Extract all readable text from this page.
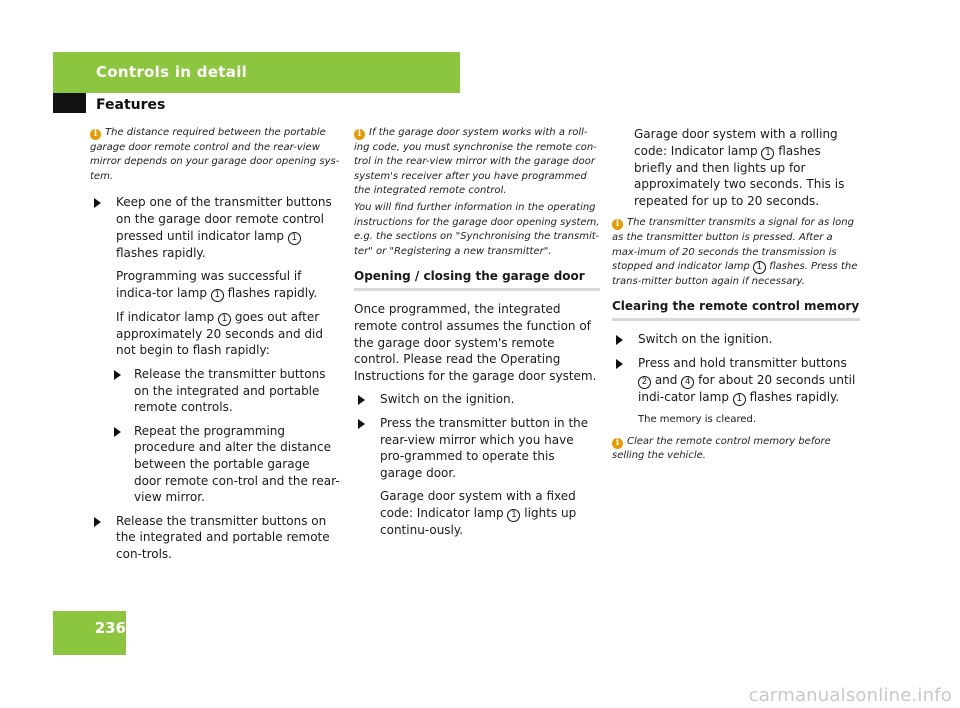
Controls in detail
Features
236

i The distance required between the portable garage door remote control and the rear-view mirror depends on your garage door opening sys-tem.

Keep one of the transmitter buttons on the garage door remote control pressed until indicator lamp 1 flashes rapidly.

Programming was successful if indica-tor lamp 1 flashes rapidly.

If indicator lamp 1 goes out after approximately 20 seconds and did not begin to flash rapidly:

Release the transmitter buttons on the integrated and portable remote controls.
Repeat the programming procedure and alter the distance between the portable garage door remote con-trol and the rear-view mirror.
Release the transmitter buttons on the integrated and portable remote con-trols.

i If the garage door system works with a roll-ing code, you must synchronise the remote con-trol in the rear-view mirror with the garage door system's receiver after you have programmed the integrated remote control.

You will find further information in the operating instructions for the garage door opening system, e.g. the sections on "Synchronising the transmit-ter" or "Registering a new transmitter".

Opening / closing the garage door

Once programmed, the integrated remote control assumes the function of the garage door system's remote control. Please read the Operating Instructions for the garage door system.

Switch on the ignition.
Press the transmitter button in the rear-view mirror which you have pro-grammed to operate this garage door.

Garage door system with a fixed code: Indicator lamp 1 lights up continu-ously.

Garage door system with a rolling code: Indicator lamp 1 flashes briefly and then lights up for approximately two seconds. This is repeated for up to 20 seconds.

i The transmitter transmits a signal for as long as the transmitter button is pressed. After a max-imum of 20 seconds the transmission is stopped and indicator lamp 1 flashes. Press the trans-mitter button again if necessary.

Clearing the remote control memory
Switch on the ignition.
Press and hold transmitter buttons 2 and 4 for about 20 seconds until indi-cator lamp 1 flashes rapidly.

The memory is cleared.

i Clear the remote control memory before selling the vehicle.

carmanualsonline.info
